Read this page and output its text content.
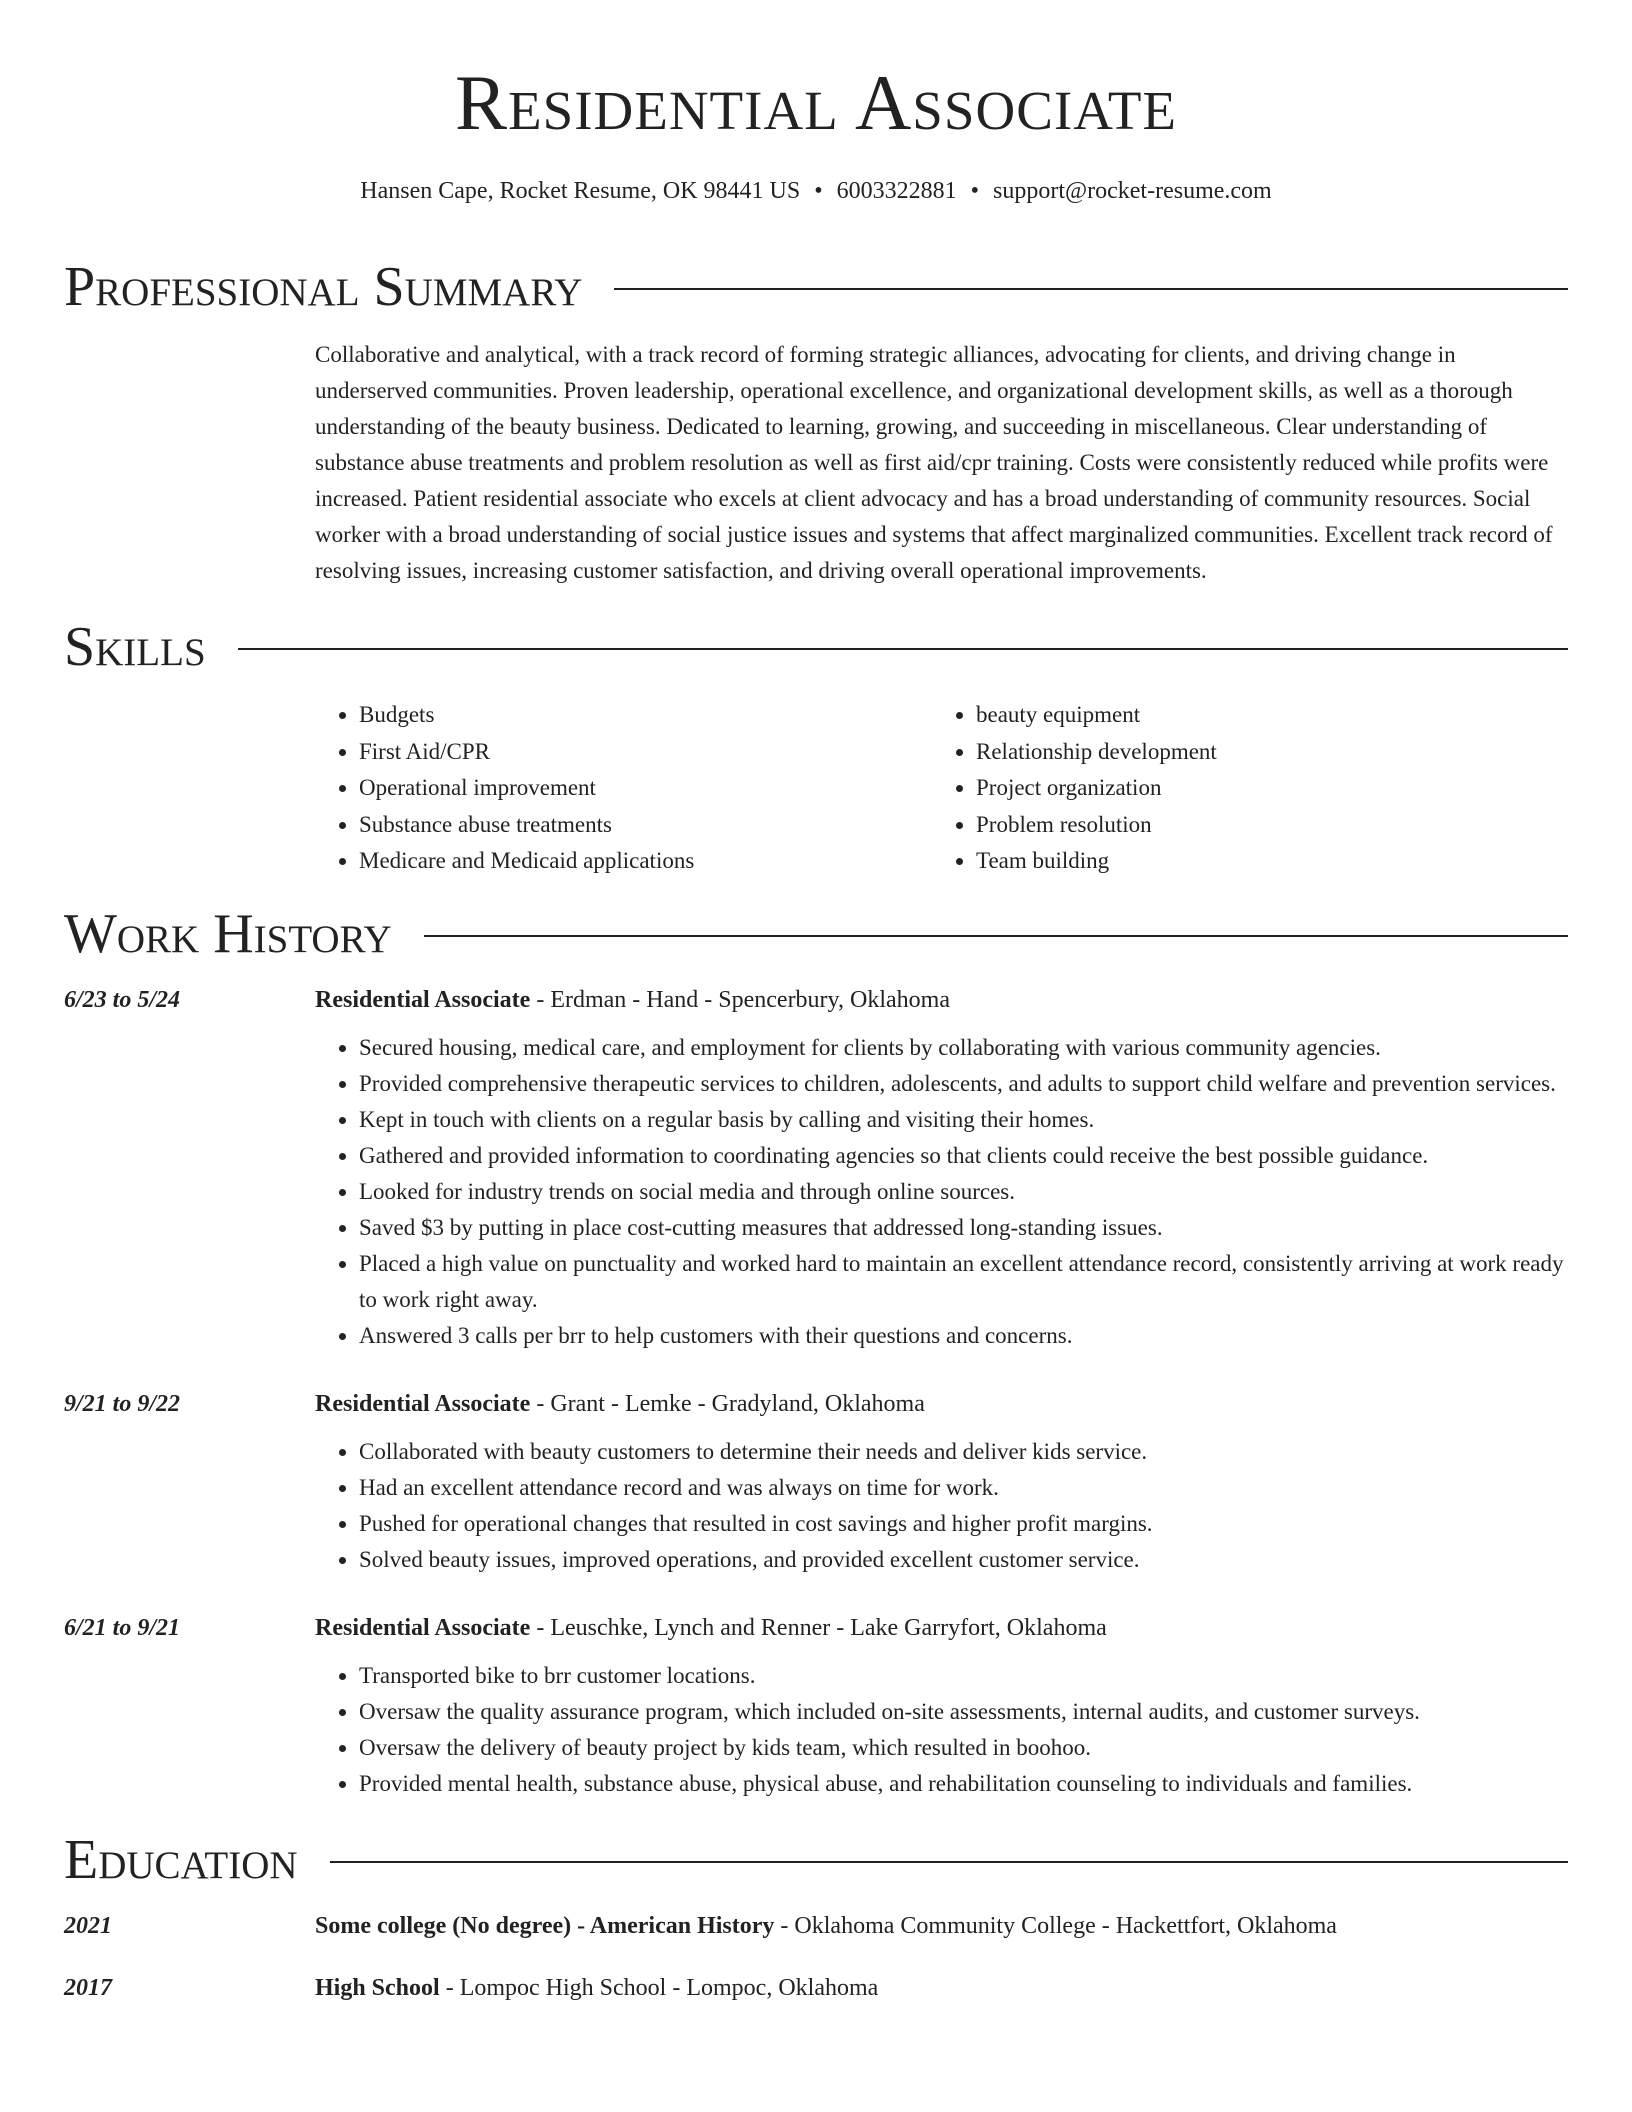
Residential Associate
Hansen Cape, Rocket Resume, OK 98441 US • 6003322881 • support@rocket-resume.com
Professional Summary
Collaborative and analytical, with a track record of forming strategic alliances, advocating for clients, and driving change in underserved communities. Proven leadership, operational excellence, and organizational development skills, as well as a thorough understanding of the beauty business. Dedicated to learning, growing, and succeeding in miscellaneous. Clear understanding of substance abuse treatments and problem resolution as well as first aid/cpr training. Costs were consistently reduced while profits were increased. Patient residential associate who excels at client advocacy and has a broad understanding of community resources. Social worker with a broad understanding of social justice issues and systems that affect marginalized communities. Excellent track record of resolving issues, increasing customer satisfaction, and driving overall operational improvements.
Skills
• Budgets
• First Aid/CPR
• Operational improvement
• Substance abuse treatments
• Medicare and Medicaid applications
• beauty equipment
• Relationship development
• Project organization
• Problem resolution
• Team building
Work History
6/23 to 5/24	Residential Associate - Erdman - Hand - Spencerbury, Oklahoma
• Secured housing, medical care, and employment for clients by collaborating with various community agencies.
• Provided comprehensive therapeutic services to children, adolescents, and adults to support child welfare and prevention services.
• Kept in touch with clients on a regular basis by calling and visiting their homes.
• Gathered and provided information to coordinating agencies so that clients could receive the best possible guidance.
• Looked for industry trends on social media and through online sources.
• Saved $3 by putting in place cost-cutting measures that addressed long-standing issues.
• Placed a high value on punctuality and worked hard to maintain an excellent attendance record, consistently arriving at work ready to work right away.
• Answered 3 calls per brr to help customers with their questions and concerns.
9/21 to 9/22	Residential Associate - Grant - Lemke - Gradyland, Oklahoma
• Collaborated with beauty customers to determine their needs and deliver kids service.
• Had an excellent attendance record and was always on time for work.
• Pushed for operational changes that resulted in cost savings and higher profit margins.
• Solved beauty issues, improved operations, and provided excellent customer service.
6/21 to 9/21	Residential Associate - Leuschke, Lynch and Renner - Lake Garryfort, Oklahoma
• Transported bike to brr customer locations.
• Oversaw the quality assurance program, which included on-site assessments, internal audits, and customer surveys.
• Oversaw the delivery of beauty project by kids team, which resulted in boohoo.
• Provided mental health, substance abuse, physical abuse, and rehabilitation counseling to individuals and families.
Education
2021	Some college (No degree) - American History - Oklahoma Community College - Hackettfort, Oklahoma
2017	High School - Lompoc High School - Lompoc, Oklahoma
